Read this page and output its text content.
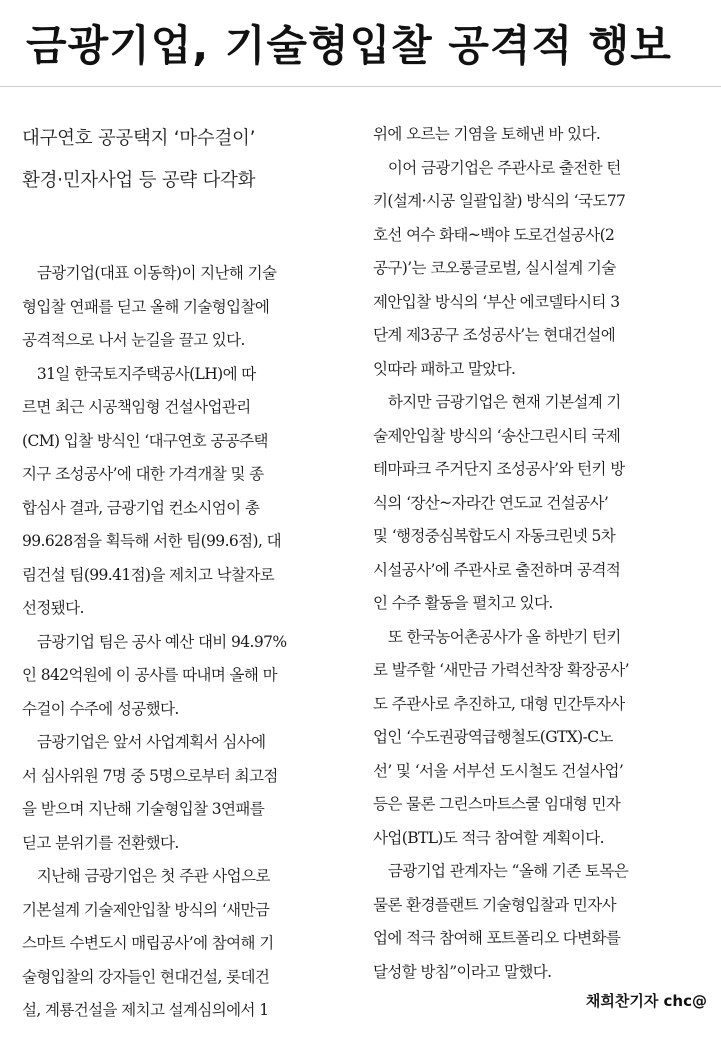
금광기업, 기술형입찰 공격적 행보
대구연호 공공택지 ‘마수걸이’
환경·민자사업 등 공략 다각화
　금광기업(대표 이동학)이 지난해 기술
형입찰 연패를 딛고 올해 기술형입찰에
공격적으로 나서 눈길을 끌고 있다.
　31일 한국토지주택공사(LH)에 따
르면 최근 시공책임형 건설사업관리
(CM) 입찰 방식인 ‘대구연호 공공주택
지구 조성공사’에 대한 가격개찰 및 종
합심사 결과, 금광기업 컨소시엄이 총
99.628점을 획득해 서한 팀(99.6점), 대
림건설 팀(99.41점)을 제치고 낙찰자로
선정됐다.
　금광기업 팀은 공사 예산 대비 94.97%
인 842억원에 이 공사를 따내며 올해 마
수걸이 수주에 성공했다.
　금광기업은 앞서 사업계획서 심사에
서 심사위원 7명 중 5명으로부터 최고점
을 받으며 지난해 기술형입찰 3연패를
딛고 분위기를 전환했다.
　지난해 금광기업은 첫 주관 사업으로
기본설계 기술제안입찰 방식의 ‘새만금
스마트 수변도시 매립공사’에 참여해 기
술형입찰의 강자들인 현대건설, 롯데건
설, 계룡건설을 제치고 설계심의에서 1
위에 오르는 기염을 토해낸 바 있다.
　이어 금광기업은 주관사로 출전한 턴
키(설계·시공 일괄입찰) 방식의 ‘국도77
호선 여수 화태~백야 도로건설공사(2
공구)’는 코오롱글로벌, 실시설계 기술
제안입찰 방식의 ‘부산 에코델타시티 3
단계 제3공구 조성공사’는 현대건설에
잇따라 패하고 말았다.
　하지만 금광기업은 현재 기본설계 기
술제안입찰 방식의 ‘송산그린시티 국제
테마파크 주거단지 조성공사’와 턴키 방
식의 ‘장산~자라간 연도교 건설공사’
및 ‘행정중심복합도시 자동크린넷 5차
시설공사’에 주관사로 출전하며 공격적
인 수주 활동을 펼치고 있다.
　또 한국농어촌공사가 올 하반기 턴키
로 발주할 ‘새만금 가력선착장 확장공사’
도 주관사로 추진하고, 대형 민간투자사
업인 ‘수도권광역급행철도(GTX)-C노
선’ 및 ‘서울 서부선 도시철도 건설사업’
등은 물론 그린스마트스쿨 임대형 민자
사업(BTL)도 적극 참여할 계획이다.
　금광기업 관계자는 “올해 기존 토목은
물론 환경플랜트 기술형입찰과 민자사
업에 적극 참여해 포트폴리오 다변화를
달성할 방침”이라고 말했다.
채희찬기자 chc@
